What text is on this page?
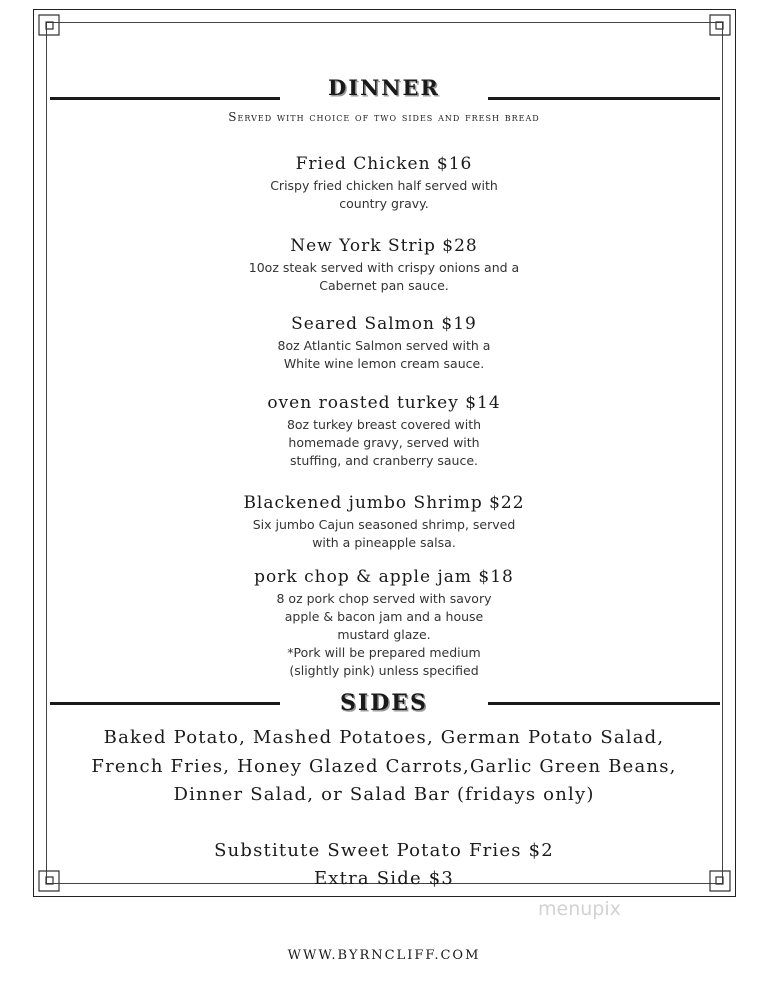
DINNER
Served with choice of two sides and fresh bread
Fried Chicken $16
Crispy fried chicken half served with
country gravy.
New York Strip $28
10oz steak served with crispy onions and a
Cabernet pan sauce.
Seared Salmon $19
8oz Atlantic Salmon served with a
White wine lemon cream sauce.
oven roasted turkey $14
8oz turkey breast covered with
homemade gravy, served with
stuffing, and cranberry sauce.
Blackened jumbo Shrimp $22
Six jumbo Cajun seasoned shrimp, served
with a pineapple salsa.
pork chop & apple jam $18
8 oz pork chop served with savory
apple & bacon jam and a house
mustard glaze.
*Pork will be prepared medium
(slightly pink) unless specified
SIDES
Baked Potato, Mashed Potatoes, German Potato Salad,
French Fries, Honey Glazed Carrots,Garlic Green Beans,
Dinner Salad, or Salad Bar (fridays only)
Substitute Sweet Potato Fries $2
Extra Side $3
menupix
WWW.BYRNCLIFF.COM
